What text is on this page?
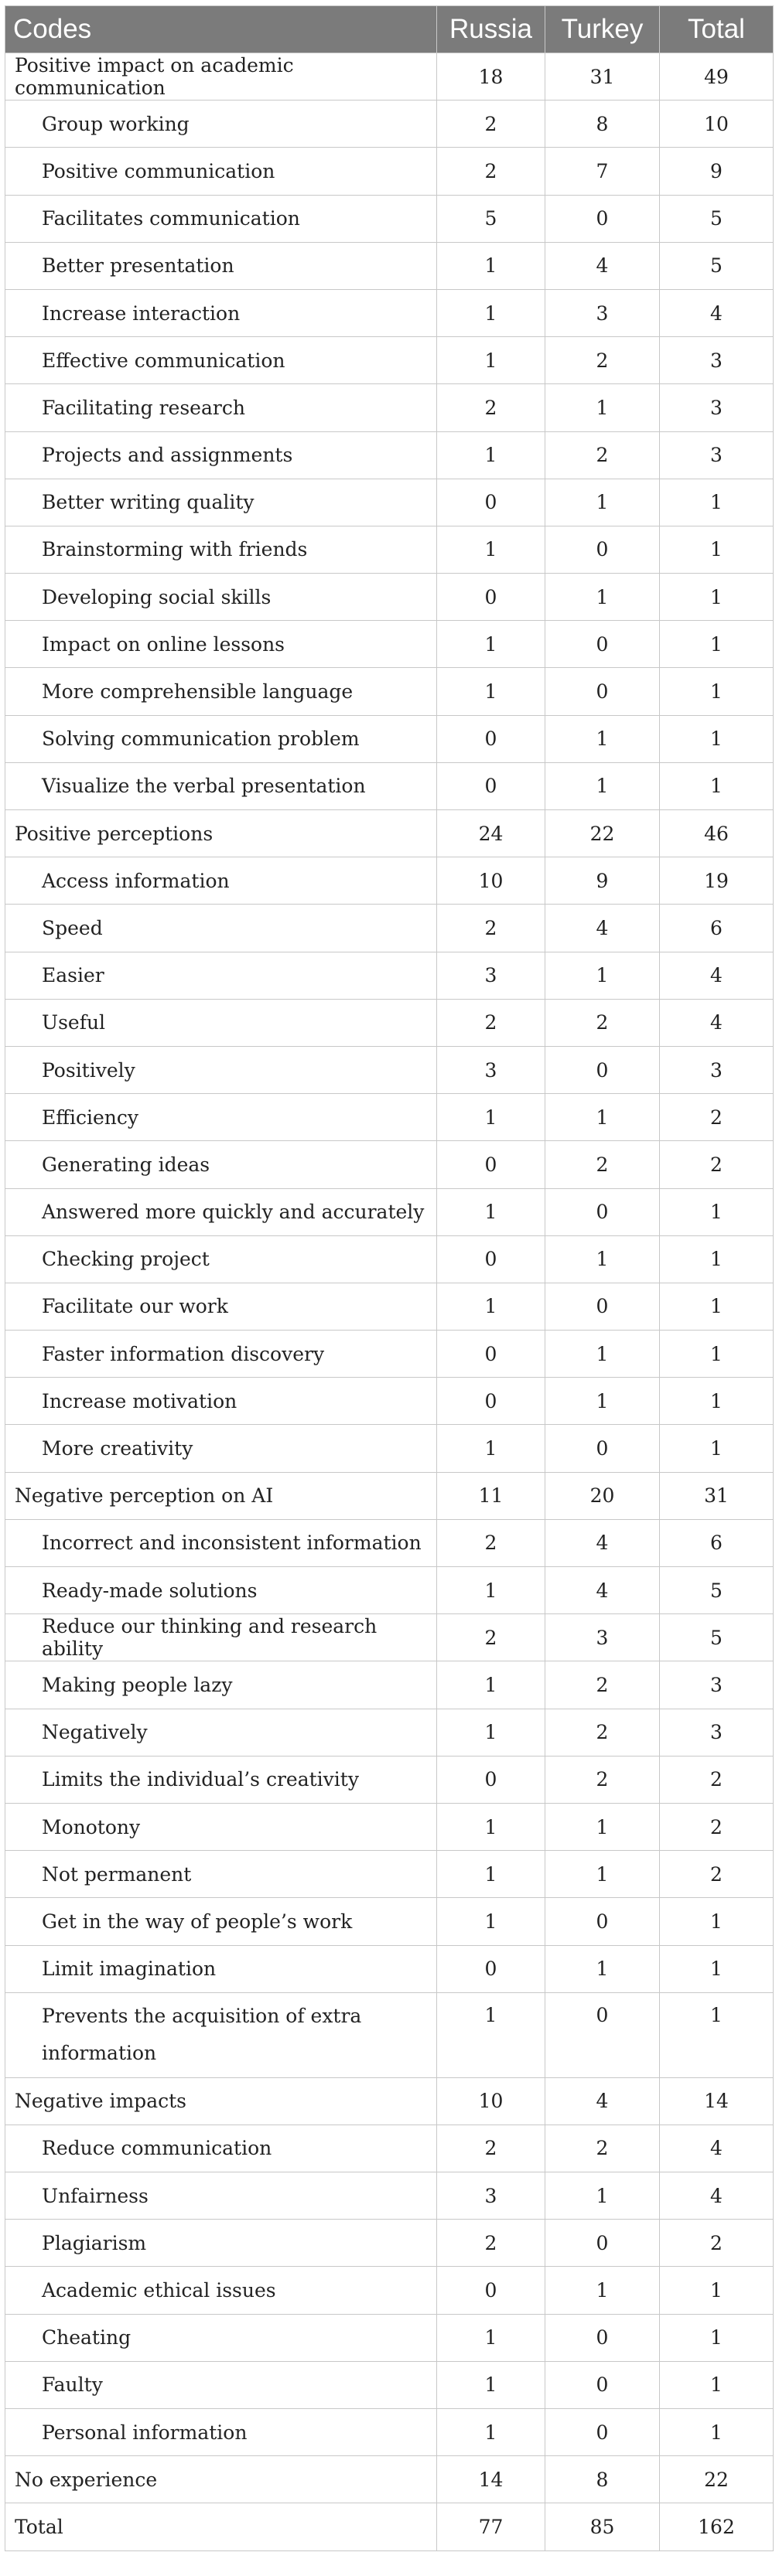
Codes	Russia	Turkey	Total
Positive impact on academic communication	18	31	49
Group working	2	8	10
Positive communication	2	7	9
Facilitates communication	5	0	5
Better presentation	1	4	5
Increase interaction	1	3	4
Effective communication	1	2	3
Facilitating research	2	1	3
Projects and assignments	1	2	3
Better writing quality	0	1	1
Brainstorming with friends	1	0	1
Developing social skills	0	1	1
Impact on online lessons	1	0	1
More comprehensible language	1	0	1
Solving communication problem	0	1	1
Visualize the verbal presentation	0	1	1
Positive perceptions	24	22	46
Access information	10	9	19
Speed	2	4	6
Easier	3	1	4
Useful	2	2	4
Positively	3	0	3
Efficiency	1	1	2
Generating ideas	0	2	2
Answered more quickly and accurately	1	0	1
Checking project	0	1	1
Facilitate our work	1	0	1
Faster information discovery	0	1	1
Increase motivation	0	1	1
More creativity	1	0	1
Negative perception on AI	11	20	31
Incorrect and inconsistent information	2	4	6
Ready-made solutions	1	4	5
Reduce our thinking and research ability	2	3	5
Making people lazy	1	2	3
Negatively	1	2	3
Limits the individual’s creativity	0	2	2
Monotony	1	1	2
Not permanent	1	1	2
Get in the way of people’s work	1	0	1
Limit imagination	0	1	1
Prevents the acquisition of extra information	1	0	1
Negative impacts	10	4	14
Reduce communication	2	2	4
Unfairness	3	1	4
Plagiarism	2	0	2
Academic ethical issues	0	1	1
Cheating	1	0	1
Faulty	1	0	1
Personal information	1	0	1
No experience	14	8	22
Total	77	85	162
